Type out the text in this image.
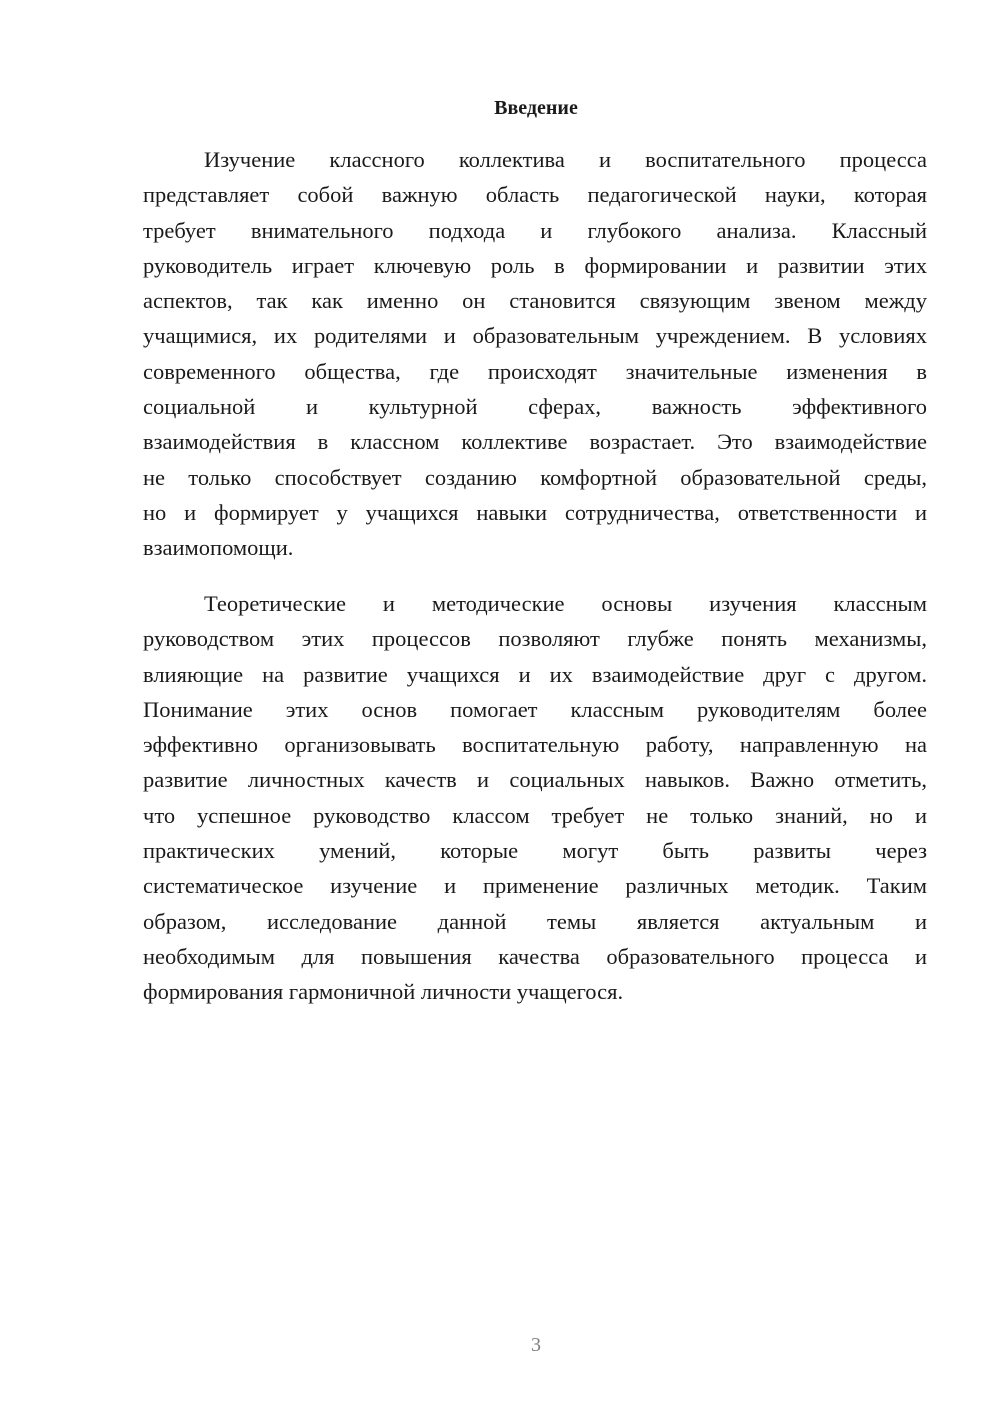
Введение
Изучение классного коллектива и воспитательного процесса
представляет собой важную область педагогической науки, которая
требует внимательного подхода и глубокого анализа. Классный
руководитель играет ключевую роль в формировании и развитии этих
аспектов, так как именно он становится связующим звеном между
учащимися, их родителями и образовательным учреждением. В условиях
современного общества, где происходят значительные изменения в
социальной и культурной сферах, важность эффективного
взаимодействия в классном коллективе возрастает. Это взаимодействие
не только способствует созданию комфортной образовательной среды,
но и формирует у учащихся навыки сотрудничества, ответственности и
взаимопомощи.
Теоретические и методические основы изучения классным
руководством этих процессов позволяют глубже понять механизмы,
влияющие на развитие учащихся и их взаимодействие друг с другом.
Понимание этих основ помогает классным руководителям более
эффективно организовывать воспитательную работу, направленную на
развитие личностных качеств и социальных навыков. Важно отметить,
что успешное руководство классом требует не только знаний, но и
практических умений, которые могут быть развиты через
систематическое изучение и применение различных методик. Таким
образом, исследование данной темы является актуальным и
необходимым для повышения качества образовательного процесса и
формирования гармоничной личности учащегося.
3
